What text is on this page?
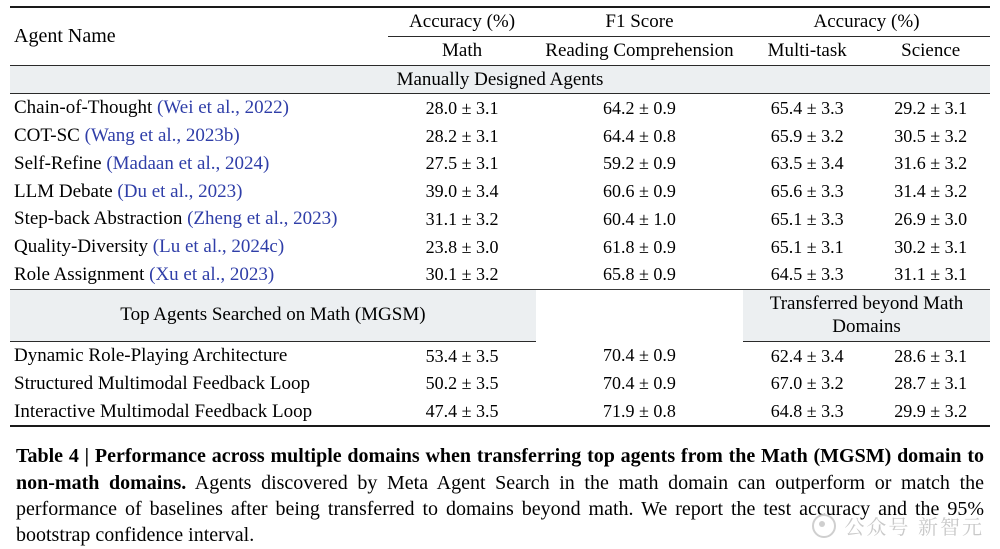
Agent Name	Accuracy (%)	F1 Score	Accuracy (%)	
	Math	Reading Comprehension	Multi-task	Science
Manually Designed Agents				
Chain-of-Thought (Wei et al., 2022)	28.0 ± 3.1	64.2 ± 0.9	65.4 ± 3.3	29.2 ± 3.1
COT-SC (Wang et al., 2023b)	28.2 ± 3.1	64.4 ± 0.8	65.9 ± 3.2	30.5 ± 3.2
Self-Refine (Madaan et al., 2024)	27.5 ± 3.1	59.2 ± 0.9	63.5 ± 3.4	31.6 ± 3.2
LLM Debate (Du et al., 2023)	39.0 ± 3.4	60.6 ± 0.9	65.6 ± 3.3	31.4 ± 3.2
Step-back Abstraction (Zheng et al., 2023)	31.1 ± 3.2	60.4 ± 1.0	65.1 ± 3.3	26.9 ± 3.0
Quality-Diversity (Lu et al., 2024c)	23.8 ± 3.0	61.8 ± 0.9	65.1 ± 3.1	30.2 ± 3.1
Role Assignment (Xu et al., 2023)	30.1 ± 3.2	65.8 ± 0.9	64.5 ± 3.3	31.1 ± 3.1
Top Agents Searched on Math (MGSM)			Transferred beyond Math Domains	
Dynamic Role-Playing Architecture	53.4 ± 3.5	70.4 ± 0.9	62.4 ± 3.4	28.6 ± 3.1
Structured Multimodal Feedback Loop	50.2 ± 3.5	70.4 ± 0.9	67.0 ± 3.2	28.7 ± 3.1
Interactive Multimodal Feedback Loop	47.4 ± 3.5	71.9 ± 0.8	64.8 ± 3.3	29.9 ± 3.2
Table 4 | Performance across multiple domains when transferring top agents from the Math (MGSM) domain to non-math domains. Agents discovered by Meta Agent Search in the math domain can outperform or match the performance of baselines after being transferred to domains beyond math. We report the test accuracy and the 95% bootstrap confidence interval.	公众号 新智元
